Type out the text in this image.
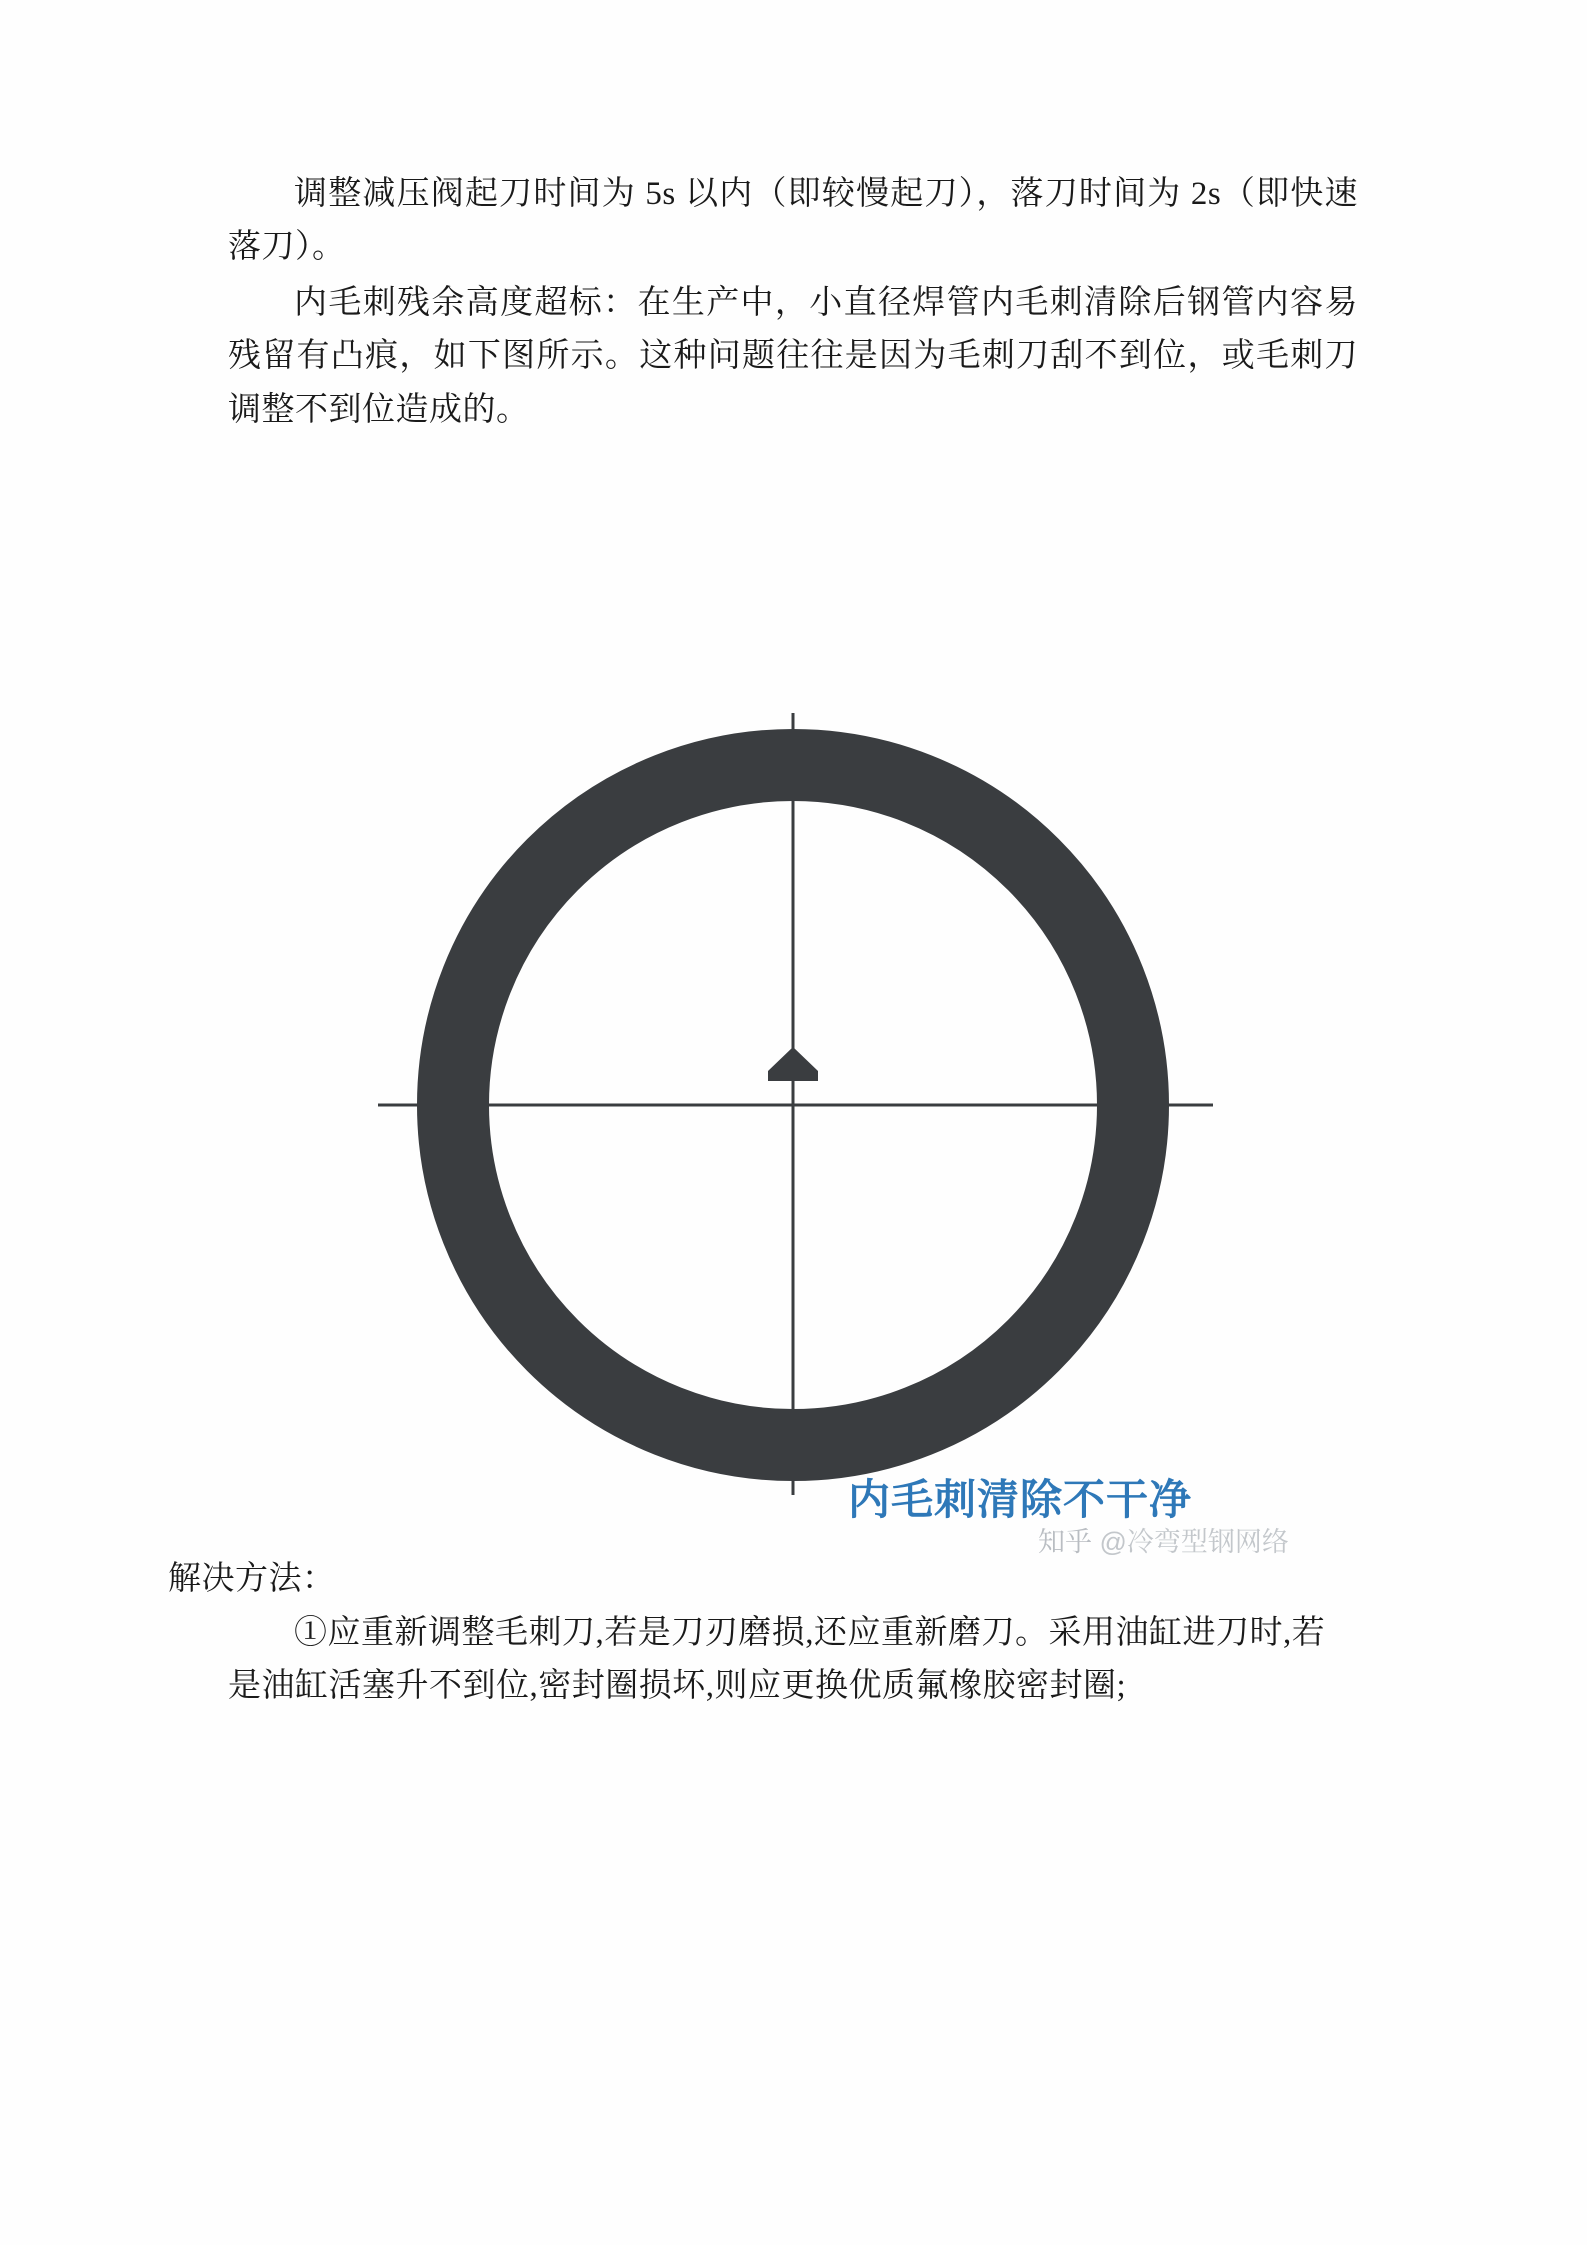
调整减压阀起刀时间为 5s 以内（即较慢起刀），落刀时间为 2s（即快速落刀）。

内毛刺残余高度超标：在生产中，小直径焊管内毛刺清除后钢管内容易残留有凸痕，如下图所示。这种问题往往是因为毛刺刀刮不到位，或毛刺刀调整不到位造成的。

内毛刺清除不干净
知乎 @冷弯型钢网络

解决方法：

①应重新调整毛刺刀,若是刀刃磨损,还应重新磨刀。采用油缸进刀时,若是油缸活塞升不到位,密封圈损坏,则应更换优质氟橡胶密封圈;
